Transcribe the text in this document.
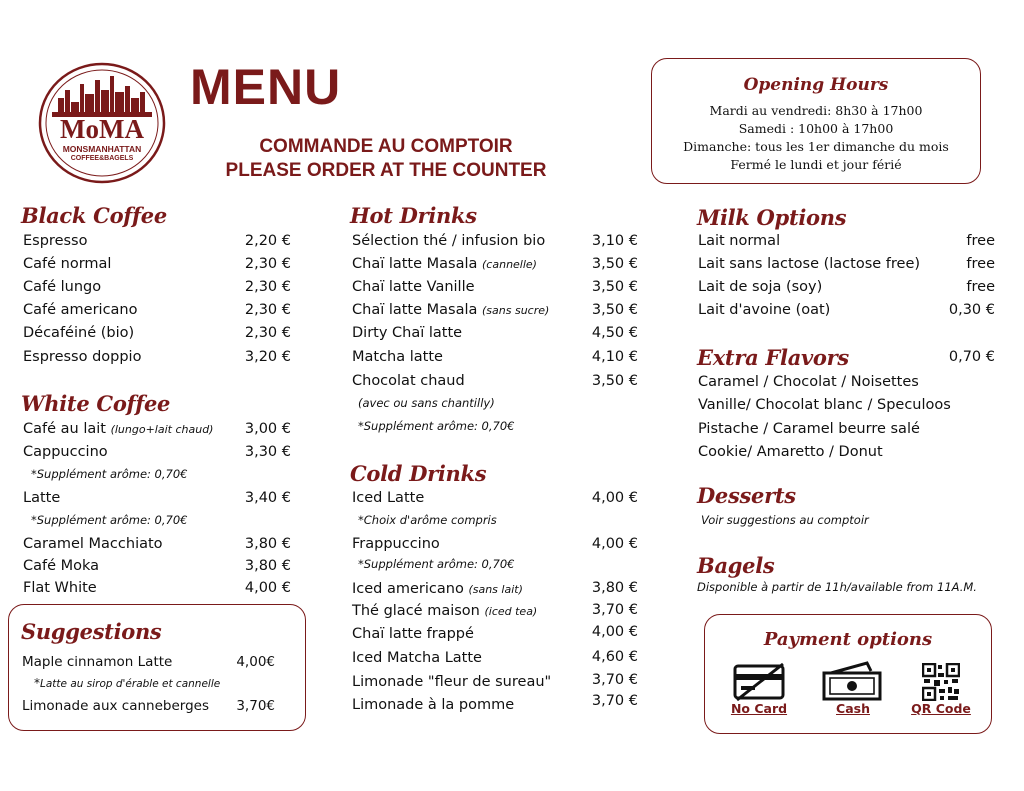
MoMA
MONSMANHATTAN
COFFEE&BAGELS
MENU
COMMANDE AU COMPTOIR
PLEASE ORDER AT THE COUNTER
Opening Hours
Mardi au vendredi: 8h30 à 17h00
Samedi : 10h00 à 17h00
Dimanche: tous les 1er dimanche du mois
Fermé le lundi et jour férié
Black Coffee
Espresso	2,20 €
Café normal	2,30 €
Café lungo	2,30 €
Café americano	2,30 €
Décaféiné (bio)	2,30 €
Espresso doppio	3,20 €
White Coffee
Café au lait (lungo+lait chaud)	3,00 €
Cappuccino	3,30 €
*Supplément arôme: 0,70€
Latte	3,40 €
*Supplément arôme: 0,70€
Caramel Macchiato	3,80 €
Café Moka	3,80 €
Flat White	4,00 €
Suggestions
Maple cinnamon Latte	4,00€
*Latte au sirop d'érable et cannelle
Limonade aux canneberges	3,70€
Hot Drinks
Sélection thé / infusion bio	3,10 €
Chaï latte Masala (cannelle)	3,50 €
Chaï latte Vanille	3,50 €
Chaï latte Masala (sans sucre)	3,50 €
Dirty Chaï latte	4,50 €
Matcha latte	4,10 €
Chocolat chaud	3,50 €
(avec ou sans chantilly)
*Supplément arôme: 0,70€
Cold Drinks
Iced Latte	4,00 €
*Choix d'arôme compris
Frappuccino	4,00 €
*Supplément arôme: 0,70€
Iced americano (sans lait)	3,80 €
Thé glacé maison (iced tea)	3,70 €
Chaï latte frappé	4,00 €
Iced Matcha Latte	4,60 €
Limonade "fleur de sureau"	3,70 €
Limonade à la pomme	3,70 €
Milk Options
Lait normal	free
Lait sans lactose (lactose free)	free
Lait de soja (soy)	free
Lait d'avoine (oat)	0,30 €
Extra Flavors	0,70 €
Caramel / Chocolat / Noisettes
Vanille/ Chocolat blanc / Speculoos
Pistache / Caramel beurre salé
Cookie/ Amaretto / Donut
Desserts
Voir suggestions au comptoir
Bagels
Disponible à partir de 11h/available from 11A.M.
Payment options
No Card	Cash	QR Code
